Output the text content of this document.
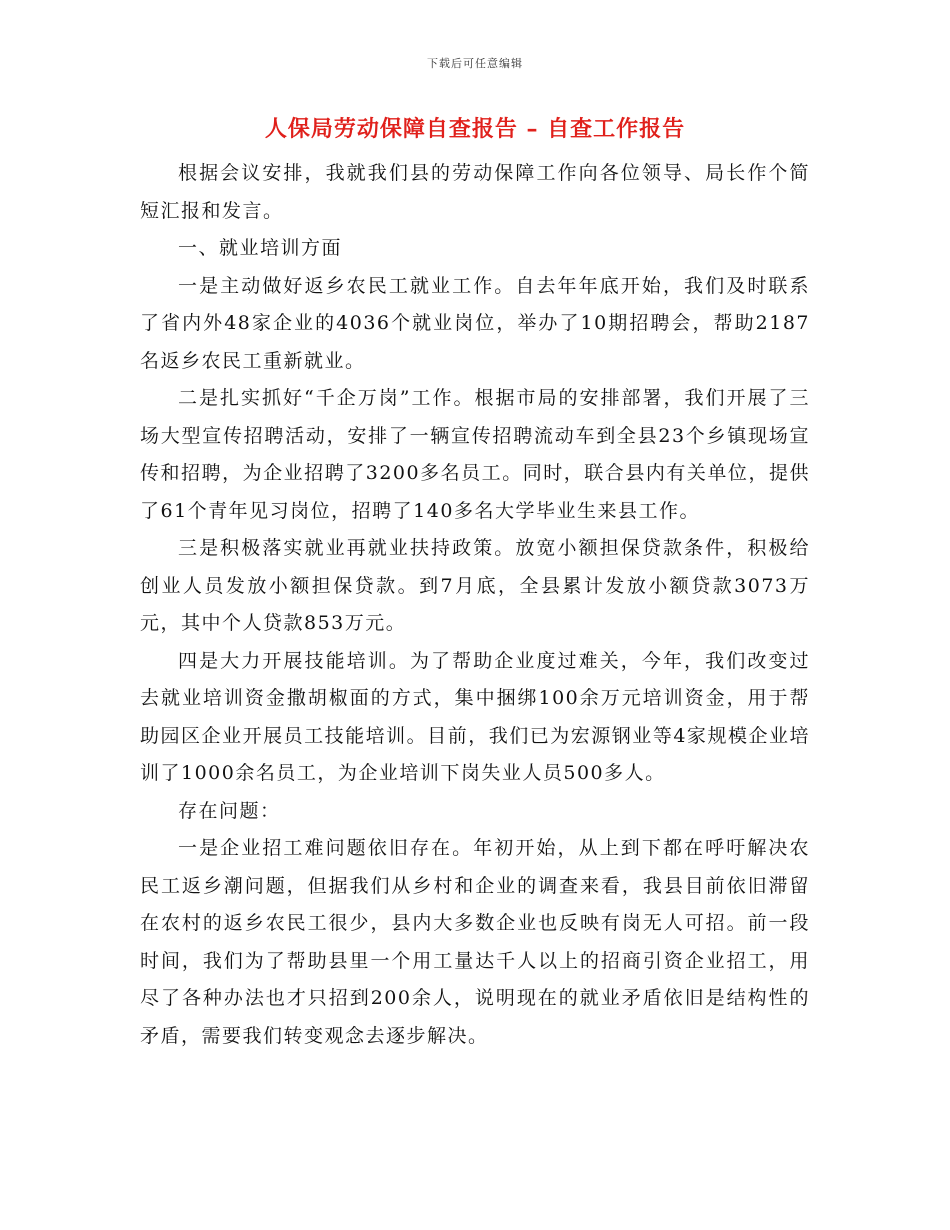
下载后可任意编辑
人保局劳动保障自查报告 – 自查工作报告

根据会议安排，我就我们县的劳动保障工作向各位领导、局长作个简短汇报和发言。

一、就业培训方面

一是主动做好返乡农民工就业工作。自去年年底开始，我们及时联系了省内外48家企业的4036个就业岗位，举办了10期招聘会，帮助2187名返乡农民工重新就业。

二是扎实抓好“千企万岗”工作。根据市局的安排部署，我们开展了三场大型宣传招聘活动，安排了一辆宣传招聘流动车到全县23个乡镇现场宣传和招聘，为企业招聘了3200多名员工。同时，联合县内有关单位，提供了61个青年见习岗位，招聘了140多名大学毕业生来县工作。

三是积极落实就业再就业扶持政策。放宽小额担保贷款条件，积极给创业人员发放小额担保贷款。到7月底，全县累计发放小额贷款3073万元，其中个人贷款853万元。

四是大力开展技能培训。为了帮助企业度过难关，今年，我们改变过去就业培训资金撒胡椒面的方式，集中捆绑100余万元培训资金，用于帮助园区企业开展员工技能培训。目前，我们已为宏源钢业等4家规模企业培训了1000余名员工，为企业培训下岗失业人员500多人。

存在问题：

一是企业招工难问题依旧存在。年初开始，从上到下都在呼吁解决农民工返乡潮问题，但据我们从乡村和企业的调查来看，我县目前依旧滞留在农村的返乡农民工很少，县内大多数企业也反映有岗无人可招。前一段时间，我们为了帮助县里一个用工量达千人以上的招商引资企业招工，用尽了各种办法也才只招到200余人，说明现在的就业矛盾依旧是结构性的矛盾，需要我们转变观念去逐步解决。
